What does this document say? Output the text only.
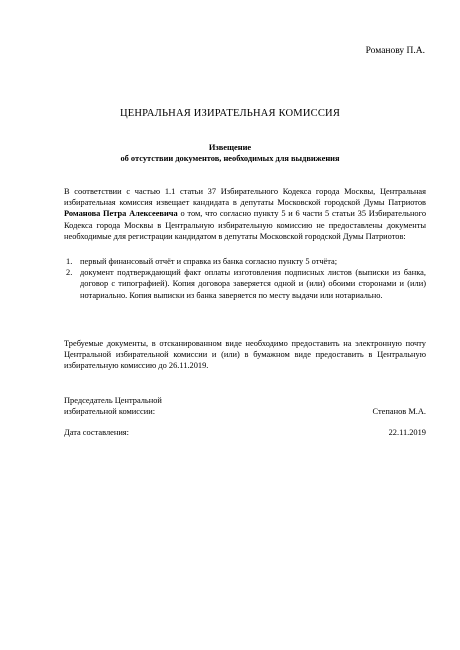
Романову П.А.
ЦЕНРАЛЬНАЯ ИЗИРАТЕЛЬНАЯ КОМИССИЯ
Извещение
об отсутствии документов, необходимых для выдвижения
В соответствии с частью 1.1 статьи 37 Избирательного Кодекса города Москвы, Центральная избирательная комиссия извещает кандидата в депутаты Московской городской Думы Патриотов Романова Петра Алексеевича о том, что согласно пункту 5 и 6 части 5 статьи 35 Избирательного Кодекса города Москвы в Центральную избирательную комиссию не предоставлены документы необходимые для регистрации кандидатом в депутаты Московской городской Думы Патриотов:
1. первый финансовый отчёт и справка из банка согласно пункту 5 отчёта;
2. документ подтверждающий факт оплаты изготовления подписных листов (выписки из банка, договор с типографией). Копия договора заверяется одной и (или) обоими сторонами и (или) нотариально. Копия выписки из банка заверяется по месту выдачи или нотариально.
Требуемые документы, в отсканированном виде необходимо предоставить на электронную почту Центральной избирательной комиссии и (или) в бумажном виде предоставить в Центральную избирательную комиссию до 26.11.2019.
Председатель Центральной
избирательной комиссии:	Степанов М.А.
Дата составления:	22.11.2019
